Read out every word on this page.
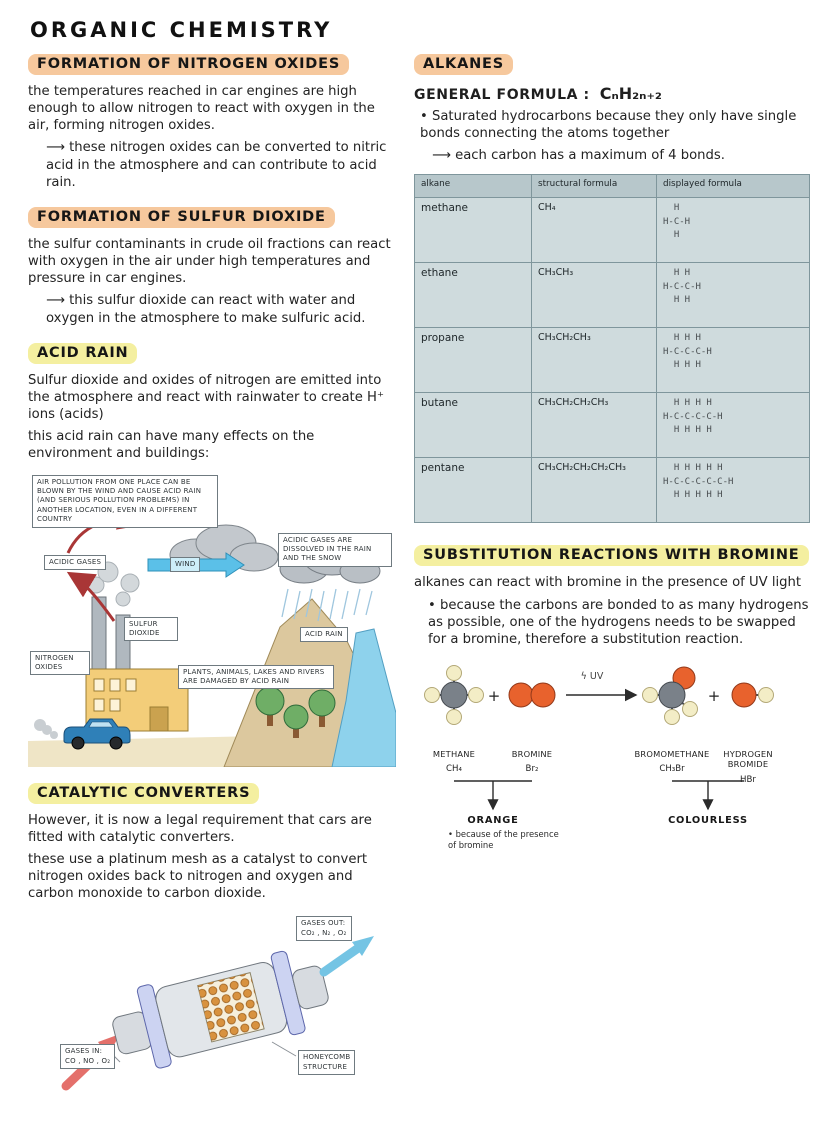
ORGANIC CHEMISTRY
FORMATION OF NITROGEN OXIDES

the temperatures reached in car engines are high enough to allow nitrogen to react with oxygen in the air, forming nitrogen oxides.

⟶ these nitrogen oxides can be converted to nitric acid in the atmosphere and can contribute to acid rain.

FORMATION OF SULFUR DIOXIDE

the sulfur contaminants in crude oil fractions can react with oxygen in the air under high temperatures and pressure in car engines.

⟶ this sulfur dioxide can react with water and oxygen in the atmosphere to make sulfuric acid.

ACID RAIN

Sulfur dioxide and oxides of nitrogen are emitted into the atmosphere and react with rainwater to create H⁺ ions (acids)

this acid rain can have many effects on the environment and buildings:

AIR POLLUTION FROM ONE PLACE CAN BE BLOWN BY THE WIND AND CAUSE ACID RAIN (AND SERIOUS POLLUTION PROBLEMS) IN ANOTHER LOCATION, EVEN IN A DIFFERENT COUNTRY
ACIDIC GASES	WIND
ACIDIC GASES ARE DISSOLVED IN THE RAIN AND THE SNOW
SULFUR DIOXIDE	ACID RAIN
NITROGEN OXIDES
PLANTS, ANIMALS, LAKES AND RIVERS ARE DAMAGED BY ACID RAIN
CATALYTIC CONVERTERS

However, it is now a legal requirement that cars are fitted with catalytic converters.

these use a platinum mesh as a catalyst to convert nitrogen oxides back to nitrogen and oxygen and carbon monoxide to carbon dioxide.

GASES OUT:
CO₂ , N₂ , O₂
GASES IN:
CO , NO , O₂	HONEYCOMB
STRUCTURE
ALKANES
GENERAL FORMULA : CₙH₂ₙ₊₂

• Saturated hydrocarbons because they only have single bonds connecting the atoms together

⟶ each carbon has a maximum of 4 bonds.

alkane	structural formula	displayed formula
methane	CH₄	H
H-C-H
H
ethane	CH₃CH₃	H H
H-C-C-H
H H
propane	CH₃CH₂CH₃	H H H
H-C-C-C-H
H H H
butane	CH₃CH₂CH₂CH₃	H H H H
H-C-C-C-C-H
H H H H
pentane	CH₃CH₂CH₂CH₂CH₃	H H H H H
H-C-C-C-C-C-H
H H H H H
SUBSTITUTION REACTIONS WITH BROMINE

alkanes can react with bromine in the presence of UV light

• because the carbons are bonded to as many hydrogens as possible, one of the hydrogens needs to be swapped for a bromine, therefore a substitution reaction.

+
ϟ UV
+
METHANE
CH₄
BROMINE
Br₂
BROMOMETHANE
CH₃Br
HYDROGEN BROMIDE
HBr
ORANGE
• because of the presence of bromine
COLOURLESS
